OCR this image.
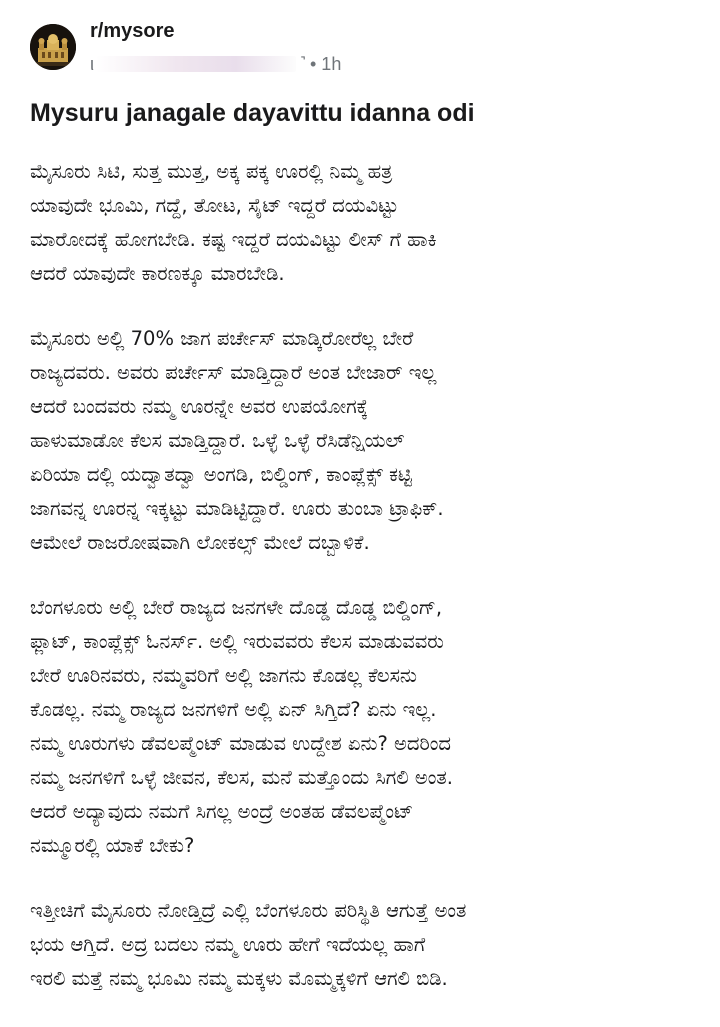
r/mysore
ι	˺ • 1h
Mysuru janagale dayavittu idanna odi
ಮೈಸೂರು ಸಿಟಿ, ಸುತ್ತ ಮುತ್ತ, ಅಕ್ಕ ಪಕ್ಕ ಊರಲ್ಲಿ ನಿಮ್ಮ ಹತ್ರ
ಯಾವುದೇ ಭೂಮಿ, ಗದ್ದೆ, ತೋಟ, ಸೈಟ್ ಇದ್ದರೆ ದಯವಿಟ್ಟು
ಮಾರೋದಕ್ಕೆ ಹೋಗಬೇಡಿ. ಕಷ್ಟ ಇದ್ದರೆ ದಯವಿಟ್ಟು ಲೀಸ್ ಗೆ ಹಾಕಿ
ಆದರೆ ಯಾವುದೇ ಕಾರಣಕ್ಕೂ ಮಾರಬೇಡಿ.
ಮೈಸೂರು ಅಲ್ಲಿ 70% ಜಾಗ ಪರ್ಚೇಸ್ ಮಾಡ್ಕಿರೋರೆಲ್ಲ ಬೇರೆ
ರಾಜ್ಯದವರು. ಅವರು ಪರ್ಚೇಸ್ ಮಾಡ್ತಿದ್ದಾರೆ ಅಂತ ಬೇಜಾರ್ ಇಲ್ಲ
ಆದರೆ ಬಂದವರು ನಮ್ಮ ಊರನ್ನೇ ಅವರ ಉಪಯೋಗಕ್ಕೆ
ಹಾಳುಮಾಡೋ ಕೆಲಸ ಮಾಡ್ತಿದ್ದಾರೆ. ಒಳ್ಳೆ ಒಳ್ಳೆ ರೆಸಿಡೆನ್ಷಿಯಲ್
ಏರಿಯಾ ದಲ್ಲಿ ಯದ್ವಾತದ್ವಾ ಅಂಗಡಿ, ಬಿಲ್ಡಿಂಗ್, ಕಾಂಪ್ಲೆಕ್ಸ್ ಕಟ್ಟಿ
ಜಾಗವನ್ನ ಊರನ್ನ ಇಕ್ಕಟ್ಟು ಮಾಡಿಟ್ಟಿದ್ದಾರೆ. ಊರು ತುಂಬಾ ಟ್ರಾಫಿಕ್.
ಆಮೇಲೆ ರಾಜರೋಷವಾಗಿ ಲೋಕಲ್ಸ್ ಮೇಲೆ ದಬ್ಬಾಳಿಕೆ.
ಬೆಂಗಳೂರು ಅಲ್ಲಿ ಬೇರೆ ರಾಜ್ಯದ ಜನಗಳೇ ದೊಡ್ಡ ದೊಡ್ಡ ಬಿಲ್ಡಿಂಗ್,
ಫ್ಲಾಟ್, ಕಾಂಪ್ಲೆಕ್ಸ್ ಓನರ್ಸ್. ಅಲ್ಲಿ ಇರುವವರು ಕೆಲಸ ಮಾಡುವವರು
ಬೇರೆ ಊರಿನವರು, ನಮ್ಮವರಿಗೆ ಅಲ್ಲಿ ಜಾಗನು ಕೊಡಲ್ಲ ಕೆಲಸನು
ಕೊಡಲ್ಲ. ನಮ್ಮ ರಾಜ್ಯದ ಜನಗಳಿಗೆ ಅಲ್ಲಿ ಏನ್ ಸಿಗ್ತಿದೆ? ಏನು ಇಲ್ಲ.
ನಮ್ಮ ಊರುಗಳು ಡೆವಲಪ್ಮೆಂಟ್ ಮಾಡುವ ಉದ್ದೇಶ ಏನು? ಅದರಿಂದ
ನಮ್ಮ ಜನಗಳಿಗೆ ಒಳ್ಳೆ ಜೀವನ, ಕೆಲಸ, ಮನೆ ಮತ್ತೊಂದು ಸಿಗಲಿ ಅಂತ.
ಆದರೆ ಅದ್ಯಾವುದು ನಮಗೆ ಸಿಗಲ್ಲ ಅಂದ್ರೆ ಅಂತಹ ಡೆವಲಪ್ಮೆಂಟ್
ನಮ್ಮೂರಲ್ಲಿ ಯಾಕೆ ಬೇಕು?
ಇತ್ತೀಚಿಗೆ ಮೈಸೂರು ನೋಡ್ತಿದ್ರೆ ಎಲ್ಲಿ ಬೆಂಗಳೂರು ಪರಿಸ್ಥಿತಿ ಆಗುತ್ತೆ ಅಂತ
ಭಯ ಆಗ್ತಿದೆ. ಅದ್ರ ಬದಲು ನಮ್ಮ ಊರು ಹೇಗೆ ಇದೆಯಲ್ಲ ಹಾಗೆ
ಇರಲಿ ಮತ್ತೆ ನಮ್ಮ ಭೂಮಿ ನಮ್ಮ ಮಕ್ಕಳು ಮೊಮ್ಮಕ್ಕಳಿಗೆ ಆಗಲಿ ಬಿಡಿ.
